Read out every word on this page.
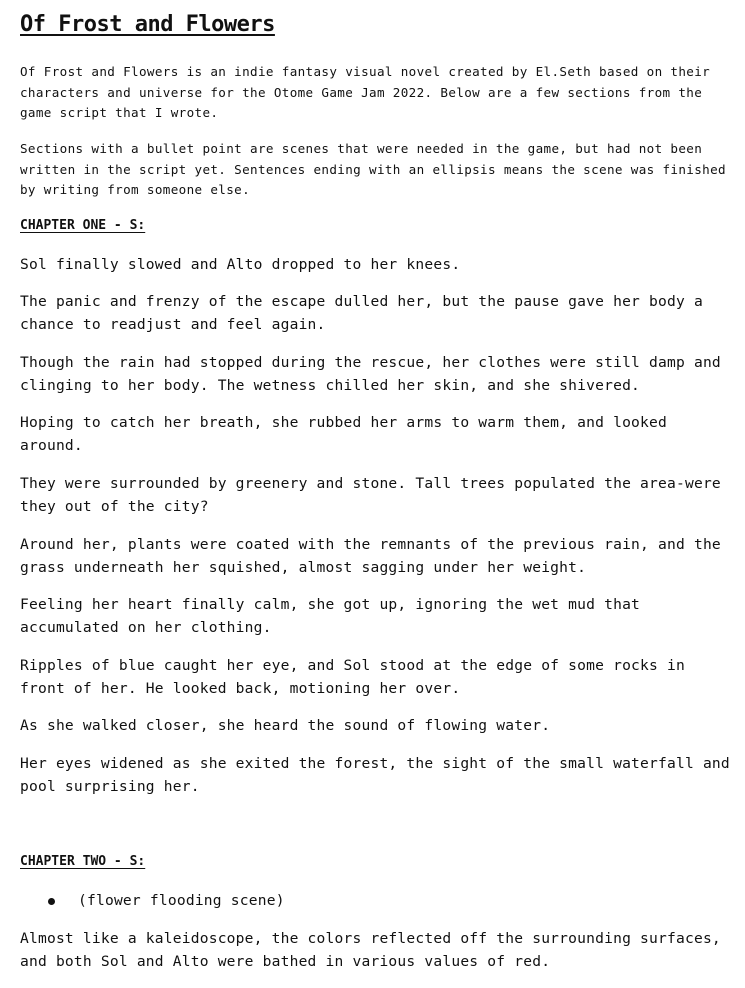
Of Frost and Flowers

Of Frost and Flowers is an indie fantasy visual novel created by El.Seth based on their characters and universe for the Otome Game Jam 2022. Below are a few sections from the game script that I wrote.

Sections with a bullet point are scenes that were needed in the game, but had not been written in the script yet. Sentences ending with an ellipsis means the scene was finished by writing from someone else.

CHAPTER ONE - S:

Sol finally slowed and Alto dropped to her knees.

The panic and frenzy of the escape dulled her, but the pause gave her body a chance to readjust and feel again.

Though the rain had stopped during the rescue, her clothes were still damp and clinging to her body. The wetness chilled her skin, and she shivered.

Hoping to catch her breath, she rubbed her arms to warm them, and looked around.

They were surrounded by greenery and stone. Tall trees populated the area-were they out of the city?

Around her, plants were coated with the remnants of the previous rain, and the grass underneath her squished, almost sagging under her weight.

Feeling her heart finally calm, she got up, ignoring the wet mud that accumulated on her clothing.

Ripples of blue caught her eye, and Sol stood at the edge of some rocks in front of her. He looked back, motioning her over.

As she walked closer, she heard the sound of flowing water.

Her eyes widened as she exited the forest, the sight of the small waterfall and pool surprising her.

CHAPTER TWO - S:
(flower flooding scene)

Almost like a kaleidoscope, the colors reflected off the surrounding surfaces, and both Sol and Alto were bathed in various values of red.
